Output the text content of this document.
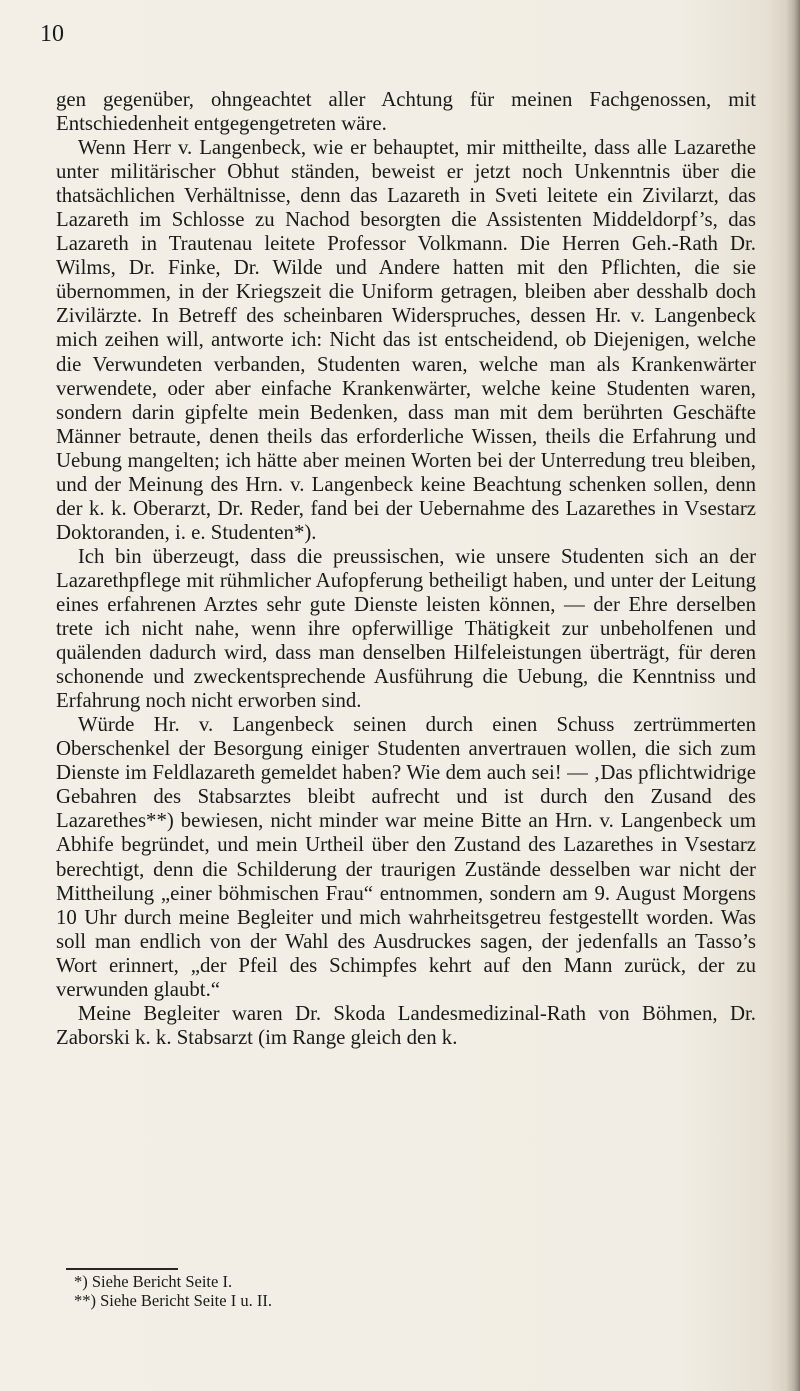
10

gen gegenüber, ohngeachtet aller Achtung für meinen Fachgenossen, mit Entschiedenheit entgegengetreten wäre.

Wenn Herr v. Langenbeck, wie er behauptet, mir mittheilte, dass alle Lazarethe unter militärischer Obhut ständen, beweist er jetzt noch Unkenntnis über die thatsächlichen Verhältnisse, denn das Lazareth in Sveti leitete ein Zivilarzt, das Lazareth im Schlosse zu Nachod besorgten die Assistenten Middeldorpf’s, das Lazareth in Trautenau leitete Professor Volkmann. Die Herren Geh.-Rath Dr. Wilms, Dr. Finke, Dr. Wilde und Andere hatten mit den Pflichten, die sie übernommen, in der Kriegszeit die Uniform getragen, bleiben aber desshalb doch Zivilärzte. In Betreff des scheinbaren Widerspruches, dessen Hr. v. Langenbeck mich zeihen will, antworte ich: Nicht das ist entscheidend, ob Diejenigen, welche die Verwundeten verbanden, Studenten waren, welche man als Krankenwärter verwendete, oder aber einfache Krankenwärter, welche keine Studenten waren, sondern darin gipfelte mein Bedenken, dass man mit dem berührten Geschäfte Männer betraute, denen theils das erforderliche Wissen, theils die Erfahrung und Uebung mangelten; ich hätte aber meinen Worten bei der Unterredung treu bleiben, und der Meinung des Hrn. v. Langenbeck keine Beachtung schenken sollen, denn der k. k. Oberarzt, Dr. Reder, fand bei der Uebernahme des Lazarethes in Vsestarz Doktoranden, i. e. Studenten*).

Ich bin überzeugt, dass die preussischen, wie unsere Studenten sich an der Lazarethpflege mit rühmlicher Aufopferung betheiligt haben, und unter der Leitung eines erfahrenen Arztes sehr gute Dienste leisten können, — der Ehre derselben trete ich nicht nahe, wenn ihre opferwillige Thätigkeit zur unbeholfenen und quälenden dadurch wird, dass man denselben Hilfeleistungen überträgt, für deren schonende und zweckentsprechende Ausführung die Uebung, die Kenntniss und Erfahrung noch nicht erworben sind.

Würde Hr. v. Langenbeck seinen durch einen Schuss zertrümmerten Oberschenkel der Besorgung einiger Studenten anvertrauen wollen, die sich zum Dienste im Feldlazareth gemeldet haben? Wie dem auch sei! — ‚Das pflichtwidrige Gebahren des Stabsarztes bleibt aufrecht und ist durch den Zusand des Lazarethes**) bewiesen, nicht minder war meine Bitte an Hrn. v. Langenbeck um Abhife begründet, und mein Urtheil über den Zustand des Lazarethes in Vsestarz berechtigt, denn die Schilderung der traurigen Zustände desselben war nicht der Mittheilung „einer böhmischen Frau“ entnommen, sondern am 9. August Morgens 10 Uhr durch meine Begleiter und mich wahrheitsgetreu festgestellt worden. Was soll man endlich von der Wahl des Ausdruckes sagen, der jedenfalls an Tasso’s Wort erinnert, „der Pfeil des Schimpfes kehrt auf den Mann zurück, der zu verwunden glaubt.“

Meine Begleiter waren Dr. Skoda Landesmedizinal-Rath von Böhmen, Dr. Zaborski k. k. Stabsarzt (im Range gleich den k.

*) Siehe Bericht Seite I.
**) Siehe Bericht Seite I u. II.
